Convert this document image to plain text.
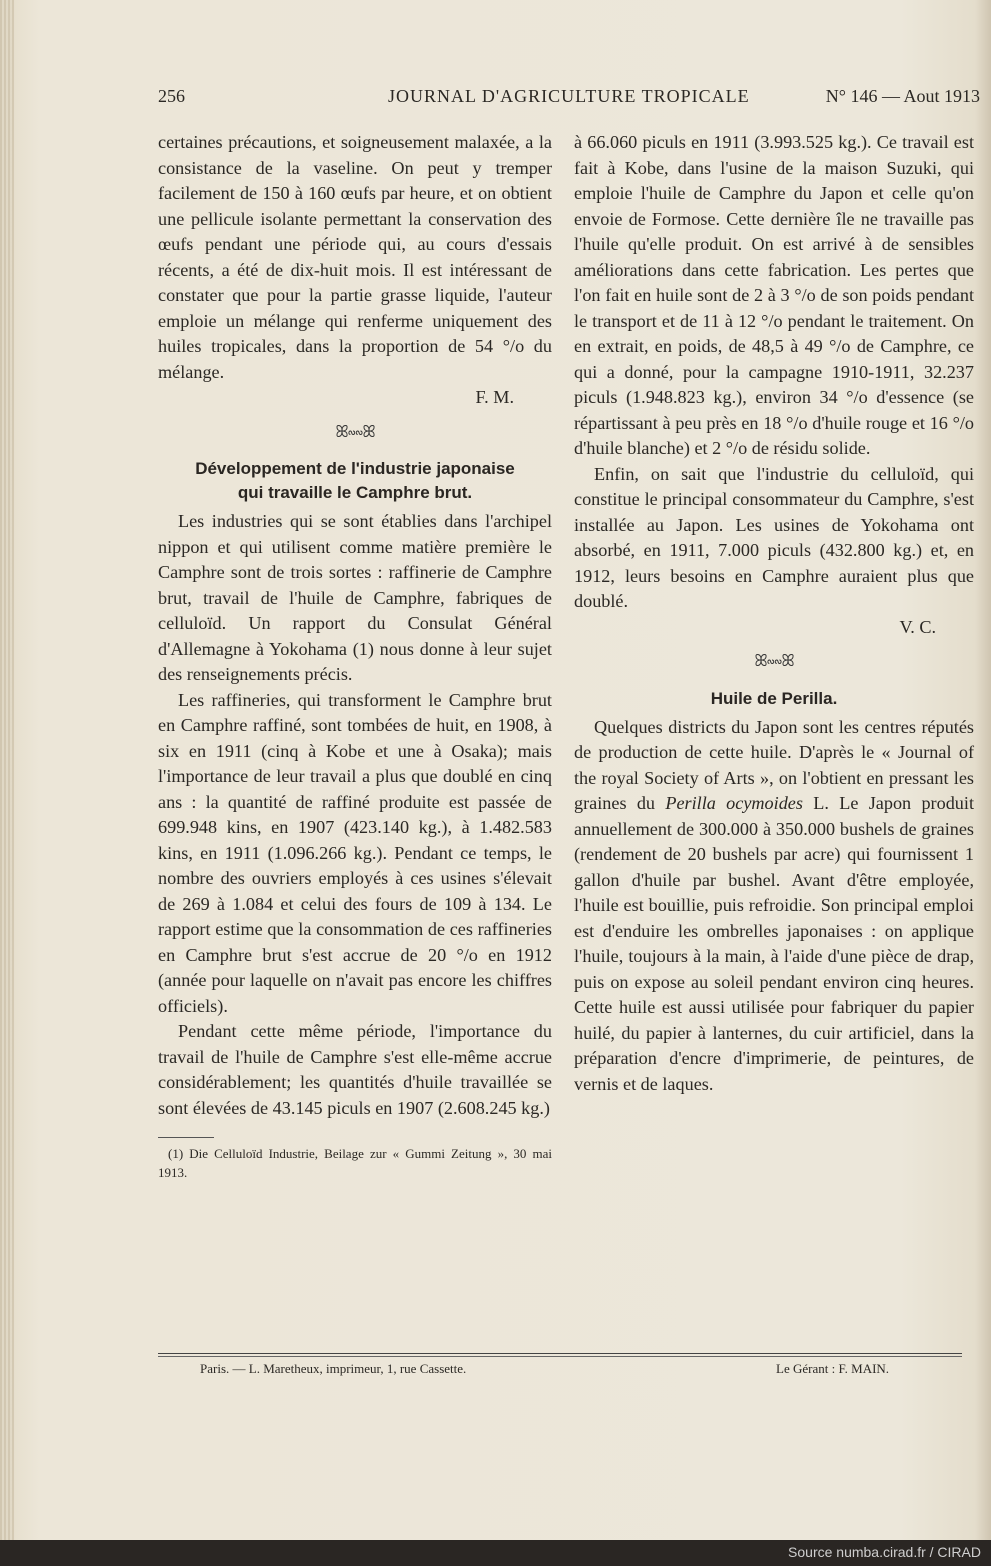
256	JOURNAL D'AGRICULTURE TROPICALE	N° 146 — Aout 1913

certaines précautions, et soigneusement malaxée, a la consistance de la vaseline. On peut y tremper facilement de 150 à 160 œufs par heure, et on obtient une pellicule isolante permettant la conservation des œufs pendant une période qui, au cours d'essais récents, a été de dix-huit mois. Il est intéressant de constater que pour la partie grasse liquide, l'auteur emploie un mélange qui renferme uniquement des huiles tropicales, dans la proportion de 54 °/o du mélange.

F. M.

ꕤ∾∾ꕤ
Développement de l'industrie japonaise
qui travaille le Camphre brut.

Les industries qui se sont établies dans l'archipel nippon et qui utilisent comme matière première le Camphre sont de trois sortes : raffinerie de Camphre brut, travail de l'huile de Camphre, fabriques de celluloïd. Un rapport du Consulat Général d'Allemagne à Yokohama (1) nous donne à leur sujet des renseignements précis.

Les raffineries, qui transforment le Camphre brut en Camphre raffiné, sont tombées de huit, en 1908, à six en 1911 (cinq à Kobe et une à Osaka); mais l'importance de leur travail a plus que doublé en cinq ans : la quantité de raffiné produite est passée de 699.948 kins, en 1907 (423.140 kg.), à 1.482.583 kins, en 1911 (1.096.266 kg.). Pendant ce temps, le nombre des ouvriers employés à ces usines s'élevait de 269 à 1.084 et celui des fours de 109 à 134. Le rapport estime que la consommation de ces raffineries en Camphre brut s'est accrue de 20 °/o en 1912 (année pour laquelle on n'avait pas encore les chiffres officiels).

Pendant cette même période, l'importance du travail de l'huile de Camphre s'est elle-même accrue considérablement; les quantités d'huile travaillée se sont élevées de 43.145 piculs en 1907 (2.608.245 kg.)

(1) Die Celluloïd Industrie, Beilage zur « Gummi Zeitung », 30 mai 1913.

à 66.060 piculs en 1911 (3.993.525 kg.). Ce travail est fait à Kobe, dans l'usine de la maison Suzuki, qui emploie l'huile de Camphre du Japon et celle qu'on envoie de Formose. Cette dernière île ne travaille pas l'huile qu'elle produit. On est arrivé à de sensibles améliorations dans cette fabrication. Les pertes que l'on fait en huile sont de 2 à 3 °/o de son poids pendant le transport et de 11 à 12 °/o pendant le traitement. On en extrait, en poids, de 48,5 à 49 °/o de Camphre, ce qui a donné, pour la campagne 1910-1911, 32.237 piculs (1.948.823 kg.), environ 34 °/o d'essence (se répartissant à peu près en 18 °/o d'huile rouge et 16 °/o d'huile blanche) et 2 °/o de résidu solide.

Enfin, on sait que l'industrie du celluloïd, qui constitue le principal consommateur du Camphre, s'est installée au Japon. Les usines de Yokohama ont absorbé, en 1911, 7.000 piculs (432.800 kg.) et, en 1912, leurs besoins en Camphre auraient plus que doublé.

V. C.

ꕤ∾∾ꕤ
Huile de Perilla.

Quelques districts du Japon sont les centres réputés de production de cette huile. D'après le « Journal of the royal Society of Arts », on l'obtient en pressant les graines du Perilla ocymoides L. Le Japon produit annuellement de 300.000 à 350.000 bushels de graines (rendement de 20 bushels par acre) qui fournissent 1 gallon d'huile par bushel. Avant d'être employée, l'huile est bouillie, puis refroidie. Son principal emploi est d'enduire les ombrelles japonaises : on applique l'huile, toujours à la main, à l'aide d'une pièce de drap, puis on expose au soleil pendant environ cinq heures. Cette huile est aussi utilisée pour fabriquer du papier huilé, du papier à lanternes, du cuir artificiel, dans la préparation d'encre d'imprimerie, de peintures, de vernis et de laques.

Paris. — L. Maretheux, imprimeur, 1, rue Cassette.	Le Gérant : F. MAIN.
Source numba.cirad.fr / CIRAD
